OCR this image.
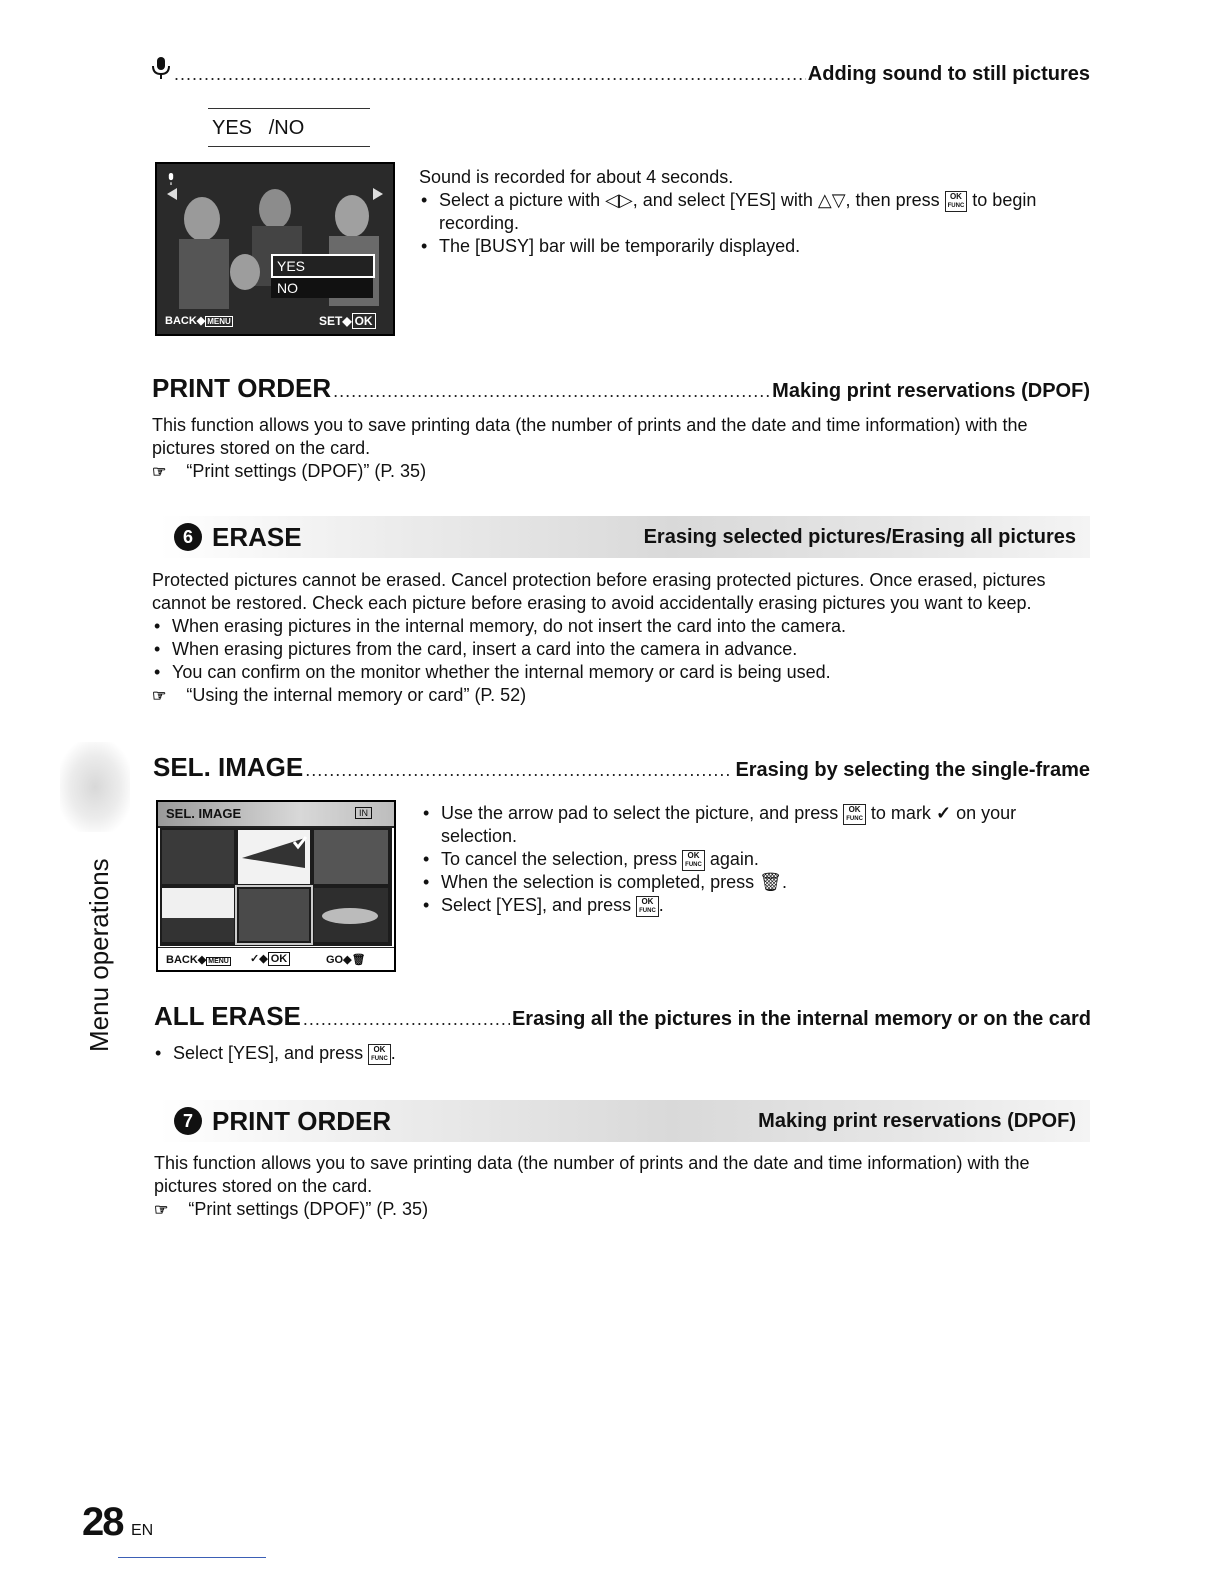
.....
Adding sound to still pictures
YES   /NO
YES
NO
BACK◆ MENU	SET◆ OK
Sound is recorded for about 4 seconds.
• Select a picture with ◁▷, and select [YES] with △▽, then press OK
FUNC to begin recording.
• The [BUSY] bar will be temporarily displayed.
PRINT ORDER .....	Making print reservations (DPOF)
This function allows you to save printing data (the number of prints and the date and time information) with the pictures stored on the card.
☞ “Print settings (DPOF)” (P. 35)
6 ERASE	Erasing selected pictures/Erasing all pictures
Protected pictures cannot be erased. Cancel protection before erasing protected pictures. Once erased, pictures cannot be restored. Check each picture before erasing to avoid accidentally erasing pictures you want to keep.
• When erasing pictures in the internal memory, do not insert the card into the camera.
• When erasing pictures from the card, insert a card into the camera in advance.
• You can confirm on the monitor whether the internal memory or card is being used.
☞ “Using the internal memory or card” (P. 52)
SEL. IMAGE .....	Erasing by selecting the single-frame
SEL. IMAGE	IN
BACK◆ MENU ✓◆ OK	GO◆🗑
• Use the arrow pad to select the picture, and press OK
FUNC to mark ✓ on your selection.
• To cancel the selection, press OK
FUNC again.
• When the selection is completed, press 🗑.
• Select [YES], and press OK
FUNC .
ALL ERASE .....	Erasing all the pictures in the internal memory or on the card
• Select [YES], and press OK
FUNC .
7 PRINT ORDER	Making print reservations (DPOF)
This function allows you to save printing data (the number of prints and the date and time information) with the pictures stored on the card.
☞ “Print settings (DPOF)” (P. 35)
Menu operations
28 EN
